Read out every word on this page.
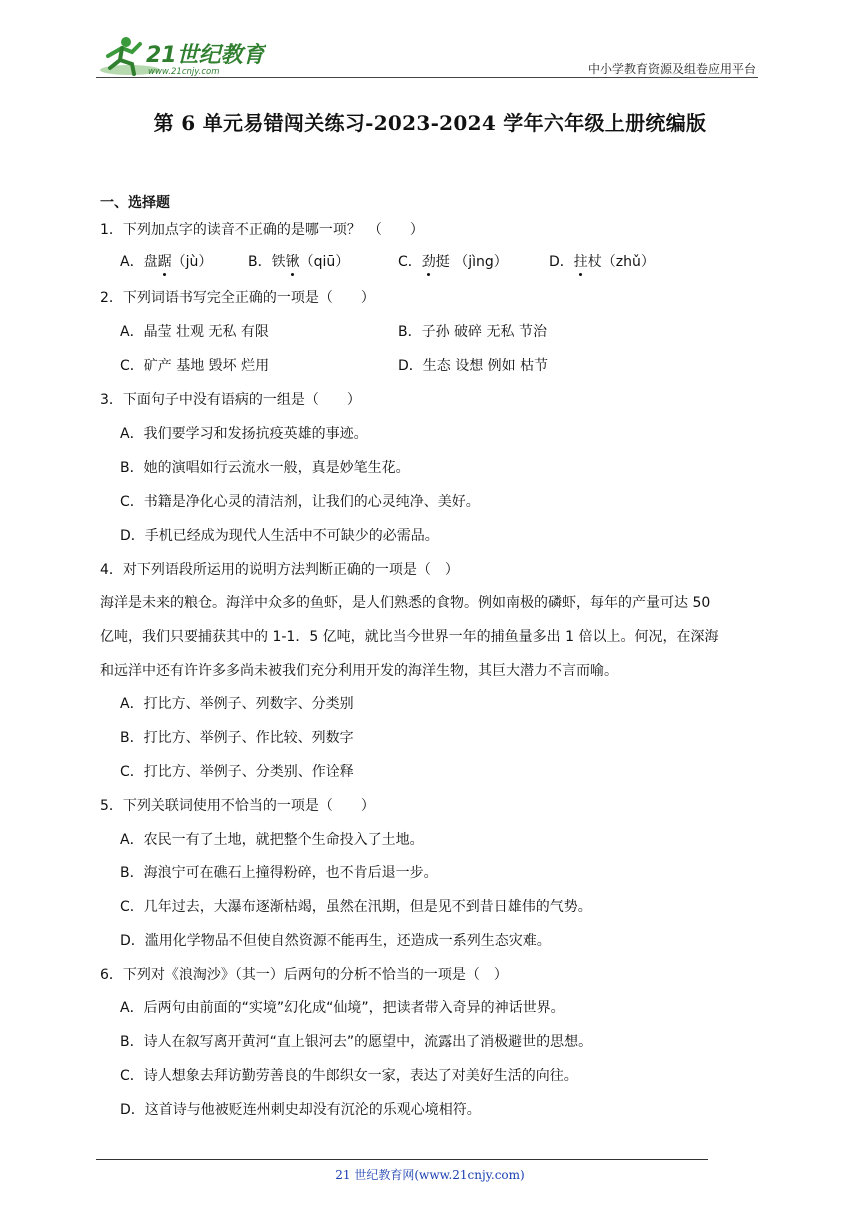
21世纪教育
www.21cnjy.com	中小学教育资源及组卷应用平台
第 6 单元易错闯关练习-2023-2024 学年六年级上册统编版
一、选择题
1．下列加点字的读音不正确的是哪一项？　（　　）
A．盘踞（jù）	B．铁锹（qiū）	C．劲挺 （jìng）	D．拄杖（zhǔ）
2．下列词语书写完全正确的一项是（　　）
A．晶莹 壮观 无私 有限	B．子孙 破碎 无私 节治
C．矿产 基地 毁坏 烂用	D．生态 设想 例如 枯节
3．下面句子中没有语病的一组是（　　）
A．我们要学习和发扬抗疫英雄的事迹。
B．她的演唱如行云流水一般，真是妙笔生花。
C．书籍是净化心灵的清洁剂，让我们的心灵纯净、美好。
D．手机已经成为现代人生活中不可缺少的必需品。
4．对下列语段所运用的说明方法判断正确的一项是（　）
海洋是未来的粮仓。海洋中众多的鱼虾，是人们熟悉的食物。例如南极的磷虾，每年的产量可达 50
亿吨，我们只要捕获其中的 1-1．5 亿吨，就比当今世界一年的捕鱼量多出 1 倍以上。何况，在深海
和远洋中还有许许多多尚未被我们充分利用开发的海洋生物，其巨大潜力不言而喻。
A．打比方、举例子、列数字、分类别
B．打比方、举例子、作比较、列数字
C．打比方、举例子、分类别、作诠释
5．下列关联词使用不恰当的一项是（　　）
A．农民一有了土地，就把整个生命投入了土地。
B．海浪宁可在礁石上撞得粉碎，也不肯后退一步。
C．几年过去，大瀑布逐渐枯竭，虽然在汛期，但是见不到昔日雄伟的气势。
D．滥用化学物品不但使自然资源不能再生，还造成一系列生态灾难。
6．下列对《浪淘沙》（其一）后两句的分析不恰当的一项是（　）
A．后两句由前面的“实境”幻化成“仙境”，把读者带入奇异的神话世界。
B．诗人在叙写离开黄河“直上银河去”的愿望中，流露出了消极避世的思想。
C．诗人想象去拜访勤劳善良的牛郎织女一家，表达了对美好生活的向往。
D．这首诗与他被贬连州刺史却没有沉沦的乐观心境相符。
21 世纪教育网(www.21cnjy.com)
